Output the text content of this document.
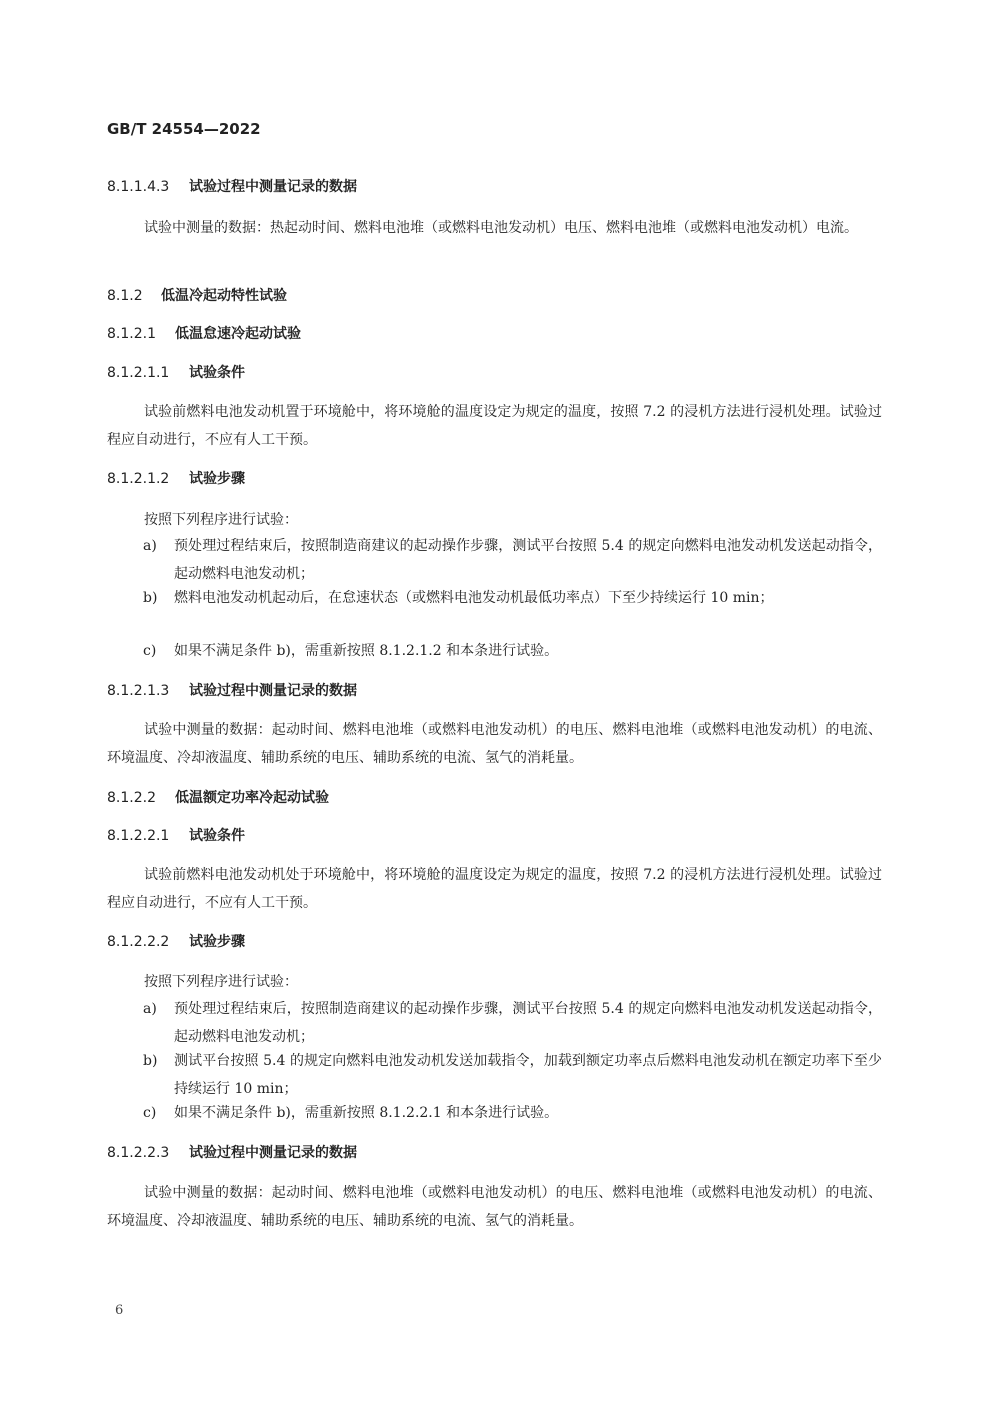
GB/T 24554—2022
8.1.1.4.3 试验过程中测量记录的数据
试验中测量的数据：热起动时间、燃料电池堆（或燃料电池发动机）电压、燃料电池堆（或燃料电池发动机）电流。
8.1.2 低温冷起动特性试验
8.1.2.1 低温怠速冷起动试验
8.1.2.1.1 试验条件
试验前燃料电池发动机置于环境舱中，将环境舱的温度设定为规定的温度，按照 7.2 的浸机方法进行浸机处理。试验过程应自动进行，不应有人工干预。
8.1.2.1.2 试验步骤
按照下列程序进行试验：
a)	预处理过程结束后，按照制造商建议的起动操作步骤，测试平台按照 5.4 的规定向燃料电池发动机发送起动指令，起动燃料电池发动机；
b)	燃料电池发动机起动后，在怠速状态（或燃料电池发动机最低功率点）下至少持续运行 10 min；
c)	如果不满足条件 b)，需重新按照 8.1.2.1.2 和本条进行试验。
8.1.2.1.3 试验过程中测量记录的数据
试验中测量的数据：起动时间、燃料电池堆（或燃料电池发动机）的电压、燃料电池堆（或燃料电池发动机）的电流、环境温度、冷却液温度、辅助系统的电压、辅助系统的电流、氢气的消耗量。
8.1.2.2 低温额定功率冷起动试验
8.1.2.2.1 试验条件
试验前燃料电池发动机处于环境舱中，将环境舱的温度设定为规定的温度，按照 7.2 的浸机方法进行浸机处理。试验过程应自动进行，不应有人工干预。
8.1.2.2.2 试验步骤
按照下列程序进行试验：
a)	预处理过程结束后，按照制造商建议的起动操作步骤，测试平台按照 5.4 的规定向燃料电池发动机发送起动指令，起动燃料电池发动机；
b)	测试平台按照 5.4 的规定向燃料电池发动机发送加载指令，加载到额定功率点后燃料电池发动机在额定功率下至少持续运行 10 min；
c)	如果不满足条件 b)，需重新按照 8.1.2.2.1 和本条进行试验。
8.1.2.2.3 试验过程中测量记录的数据
试验中测量的数据：起动时间、燃料电池堆（或燃料电池发动机）的电压、燃料电池堆（或燃料电池发动机）的电流、环境温度、冷却液温度、辅助系统的电压、辅助系统的电流、氢气的消耗量。
6
